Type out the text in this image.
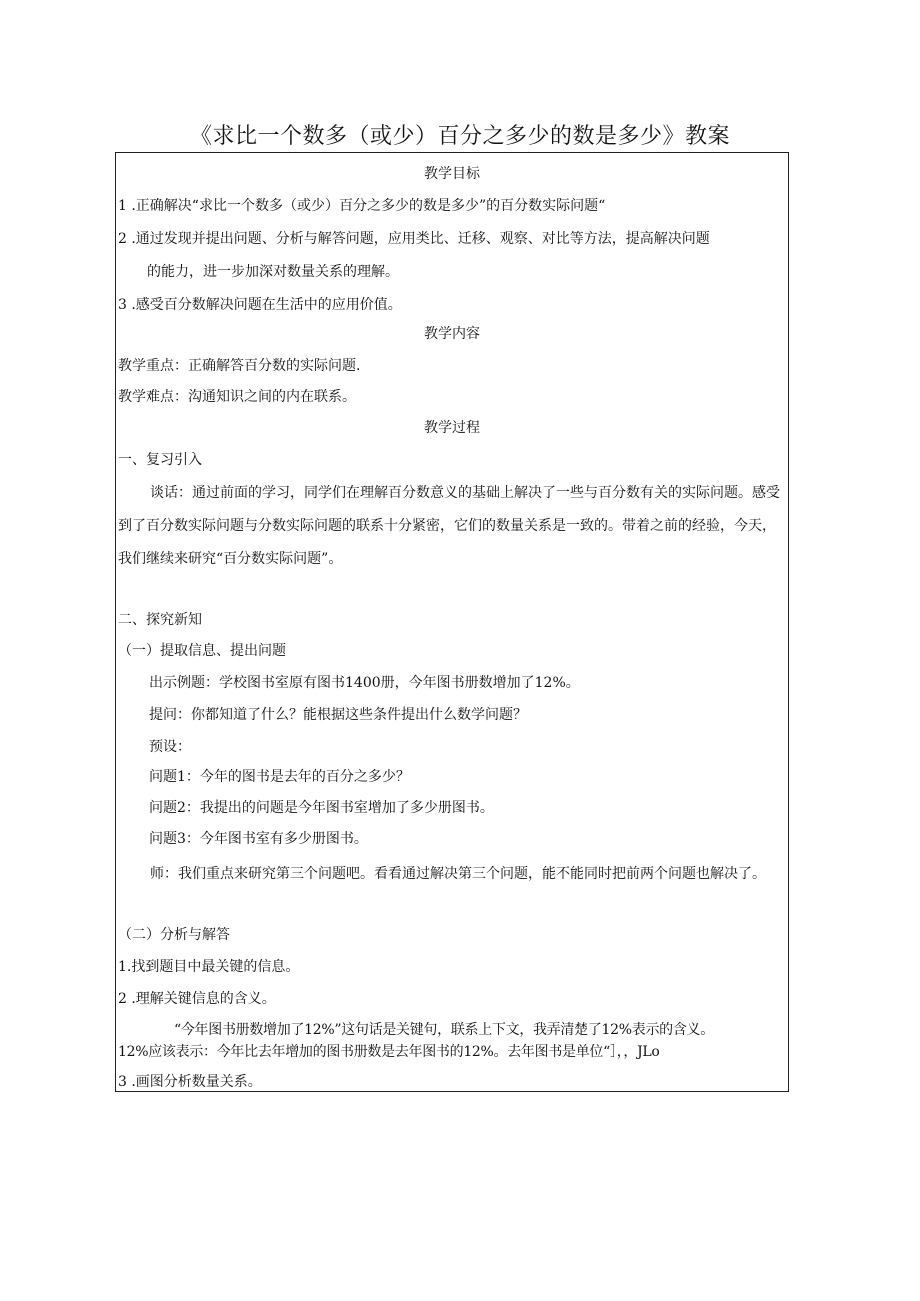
《求比一个数多（或少）百分之多少的数是多少》教案
教学目标
1 .正确解决“求比一个数多（或少）百分之多少的数是多少”的百分数实际问题“
2 .通过发现并提出问题、分析与解答问题，应用类比、迁移、观察、对比等方法，提高解决问题
的能力，进一步加深对数量关系的理解。
3 .感受百分数解决问题在生活中的应用价值。
教学内容
教学重点：正确解答百分数的实际问题.
教学难点：沟通知识之间的内在联系。
教学过程
一、复习引入
谈话：通过前面的学习，同学们在理解百分数意义的基础上解决了一些与百分数有关的实际问题。感受到了百分数实际问题与分数实际问题的联系十分紧密，它们的数量关系是一致的。带着之前的经验，今天，我们继续来研究“百分数实际问题”。
二、探究新知
（一）提取信息、提出问题
出示例题：学校图书室原有图书1400册，今年图书册数增加了12%。
提问：你都知道了什么？能根据这些条件提出什么数学问题？
预设：
问题1：今年的图书是去年的百分之多少？
问题2：我提出的问题是今年图书室增加了多少册图书。
问题3：今年图书室有多少册图书。
师：我们重点来研究第三个问题吧。看看通过解决第三个问题，能不能同时把前两个问题也解决了。
（二）分析与解答
1.找到题目中最关键的信息。
2 .理解关键信息的含义。
“今年图书册数增加了12%”这句话是关键句，联系上下文，我弄清楚了12%表示的含义。
12%应该表示：今年比去年增加的图书册数是去年图书的12%。去年图书是单位“］，，JLo
3 .画图分析数量关系。
